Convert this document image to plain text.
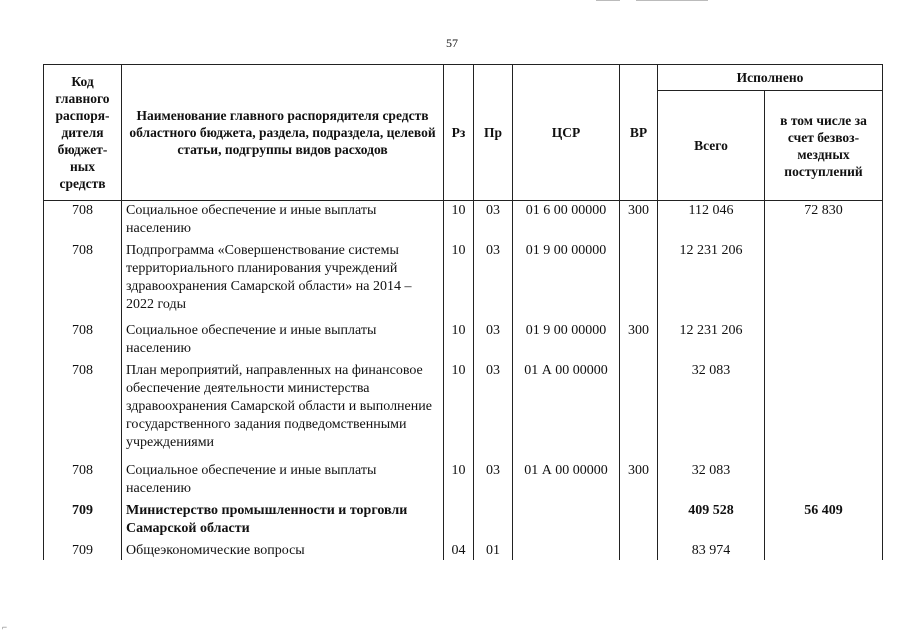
⌐
57
Код главного распоря-дителя бюджет-ных средств	Наименование главного распорядителя средств областного бюджета, раздела, подраздела, целевой статьи, подгруппы видов расходов	Рз	Пр	ЦСР	ВР	Исполнено	
						Всего	в том числе за счет безвоз-мездных поступлений
708	Социальное обеспечение и иные выплаты населению	10	03	01 6 00 00000	300	112 046	72 830
708	Подпрограмма «Совершенствование системы территориального планирования учреждений здравоохранения Самарской области» на 2014 – 2022 годы	10	03	01 9 00 00000		12 231 206	
708	Социальное обеспечение и иные выплаты населению	10	03	01 9 00 00000	300	12 231 206	
708	План мероприятий, направленных на финансовое обеспечение деятельности министерства здравоохранения Самарской области и выполнение государственного задания подведомственными учреждениями	10	03	01 А 00 00000		32 083	
708	Социальное обеспечение и иные выплаты населению	10	03	01 А 00 00000	300	32 083	
709	Министерство промышленности и торговли Самарской области					409 528	56 409
709	Общеэкономические вопросы	04	01			83 974	
